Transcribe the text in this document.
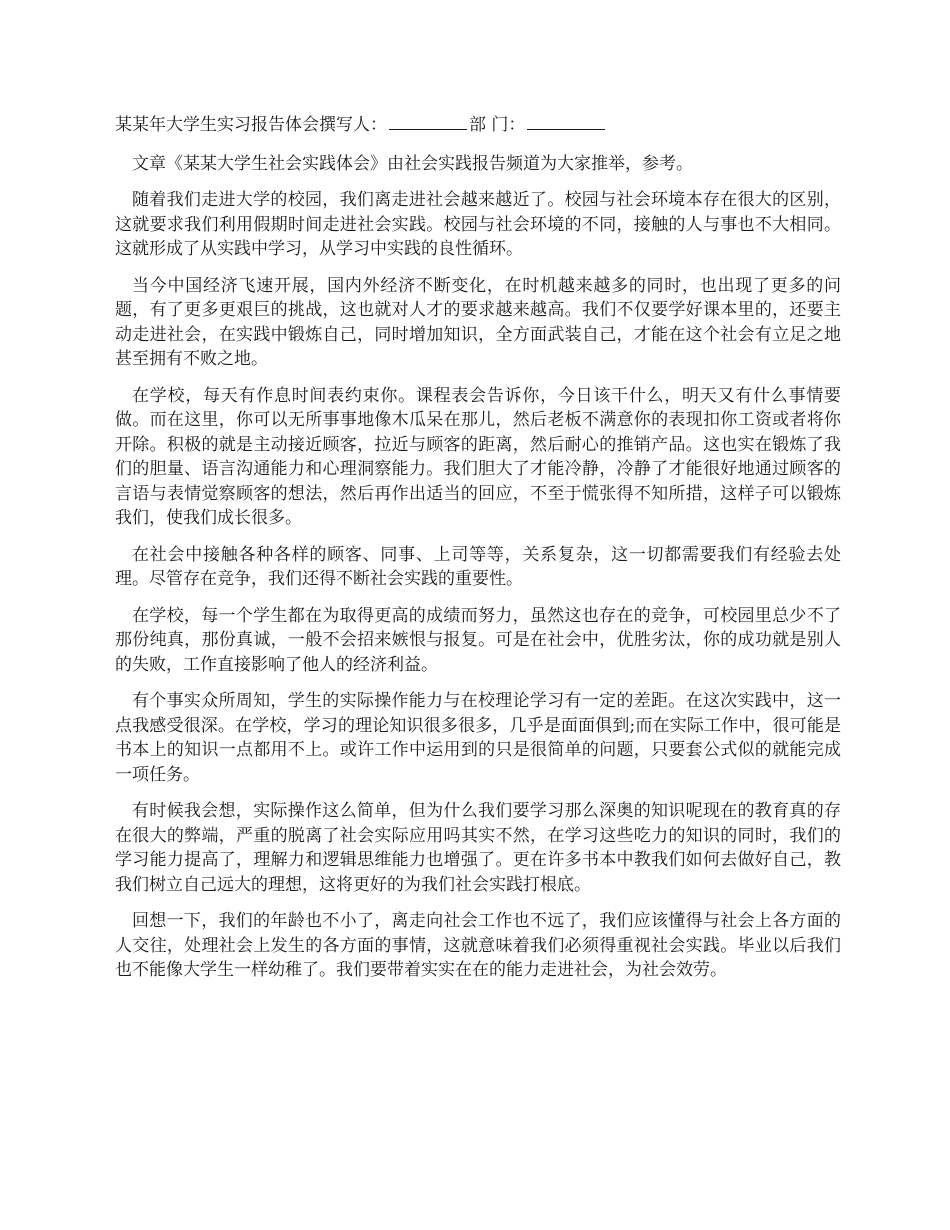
某某年大学生实习报告体会撰写人：	部 门：

文章《某某大学生社会实践体会》由社会实践报告频道为大家推举，参考。

随着我们走进大学的校园，我们离走进社会越来越近了。校园与社会环境本存在很大的区别，这就要求我们利用假期时间走进社会实践。校园与社会环境的不同，接触的人与事也不大相同。这就形成了从实践中学习，从学习中实践的良性循环。

当今中国经济飞速开展，国内外经济不断变化，在时机越来越多的同时，也出现了更多的问题，有了更多更艰巨的挑战，这也就对人才的要求越来越高。我们不仅要学好课本里的，还要主动走进社会，在实践中锻炼自己，同时增加知识，全方面武装自己，才能在这个社会有立足之地甚至拥有不败之地。

在学校，每天有作息时间表约束你。课程表会告诉你，今日该干什么，明天又有什么事情要做。而在这里，你可以无所事事地像木瓜呆在那儿，然后老板不满意你的表现扣你工资或者将你开除。积极的就是主动接近顾客，拉近与顾客的距离，然后耐心的推销产品。这也实在锻炼了我们的胆量、语言沟通能力和心理洞察能力。我们胆大了才能冷静，冷静了才能很好地通过顾客的言语与表情觉察顾客的想法，然后再作出适当的回应，不至于慌张得不知所措，这样子可以锻炼我们，使我们成长很多。

在社会中接触各种各样的顾客、同事、上司等等，关系复杂，这一切都需要我们有经验去处理。尽管存在竞争，我们还得不断社会实践的重要性。

在学校，每一个学生都在为取得更高的成绩而努力，虽然这也存在的竞争，可校园里总少不了那份纯真，那份真诚，一般不会招来嫉恨与报复。可是在社会中，优胜劣汰，你的成功就是别人的失败，工作直接影响了他人的经济利益。

有个事实众所周知，学生的实际操作能力与在校理论学习有一定的差距。在这次实践中，这一点我感受很深。在学校，学习的理论知识很多很多，几乎是面面俱到;而在实际工作中，很可能是书本上的知识一点都用不上。或许工作中运用到的只是很简单的问题，只要套公式似的就能完成一项任务。

有时候我会想，实际操作这么简单，但为什么我们要学习那么深奥的知识呢现在的教育真的存在很大的弊端，严重的脱离了社会实际应用吗其实不然，在学习这些吃力的知识的同时，我们的学习能力提高了，理解力和逻辑思维能力也增强了。更在许多书本中教我们如何去做好自己，教我们树立自己远大的理想，这将更好的为我们社会实践打根底。

回想一下，我们的年龄也不小了，离走向社会工作也不远了，我们应该懂得与社会上各方面的人交往，处理社会上发生的各方面的事情，这就意味着我们必须得重视社会实践。毕业以后我们也不能像大学生一样幼稚了。我们要带着实实在在的能力走进社会，为社会效劳。
